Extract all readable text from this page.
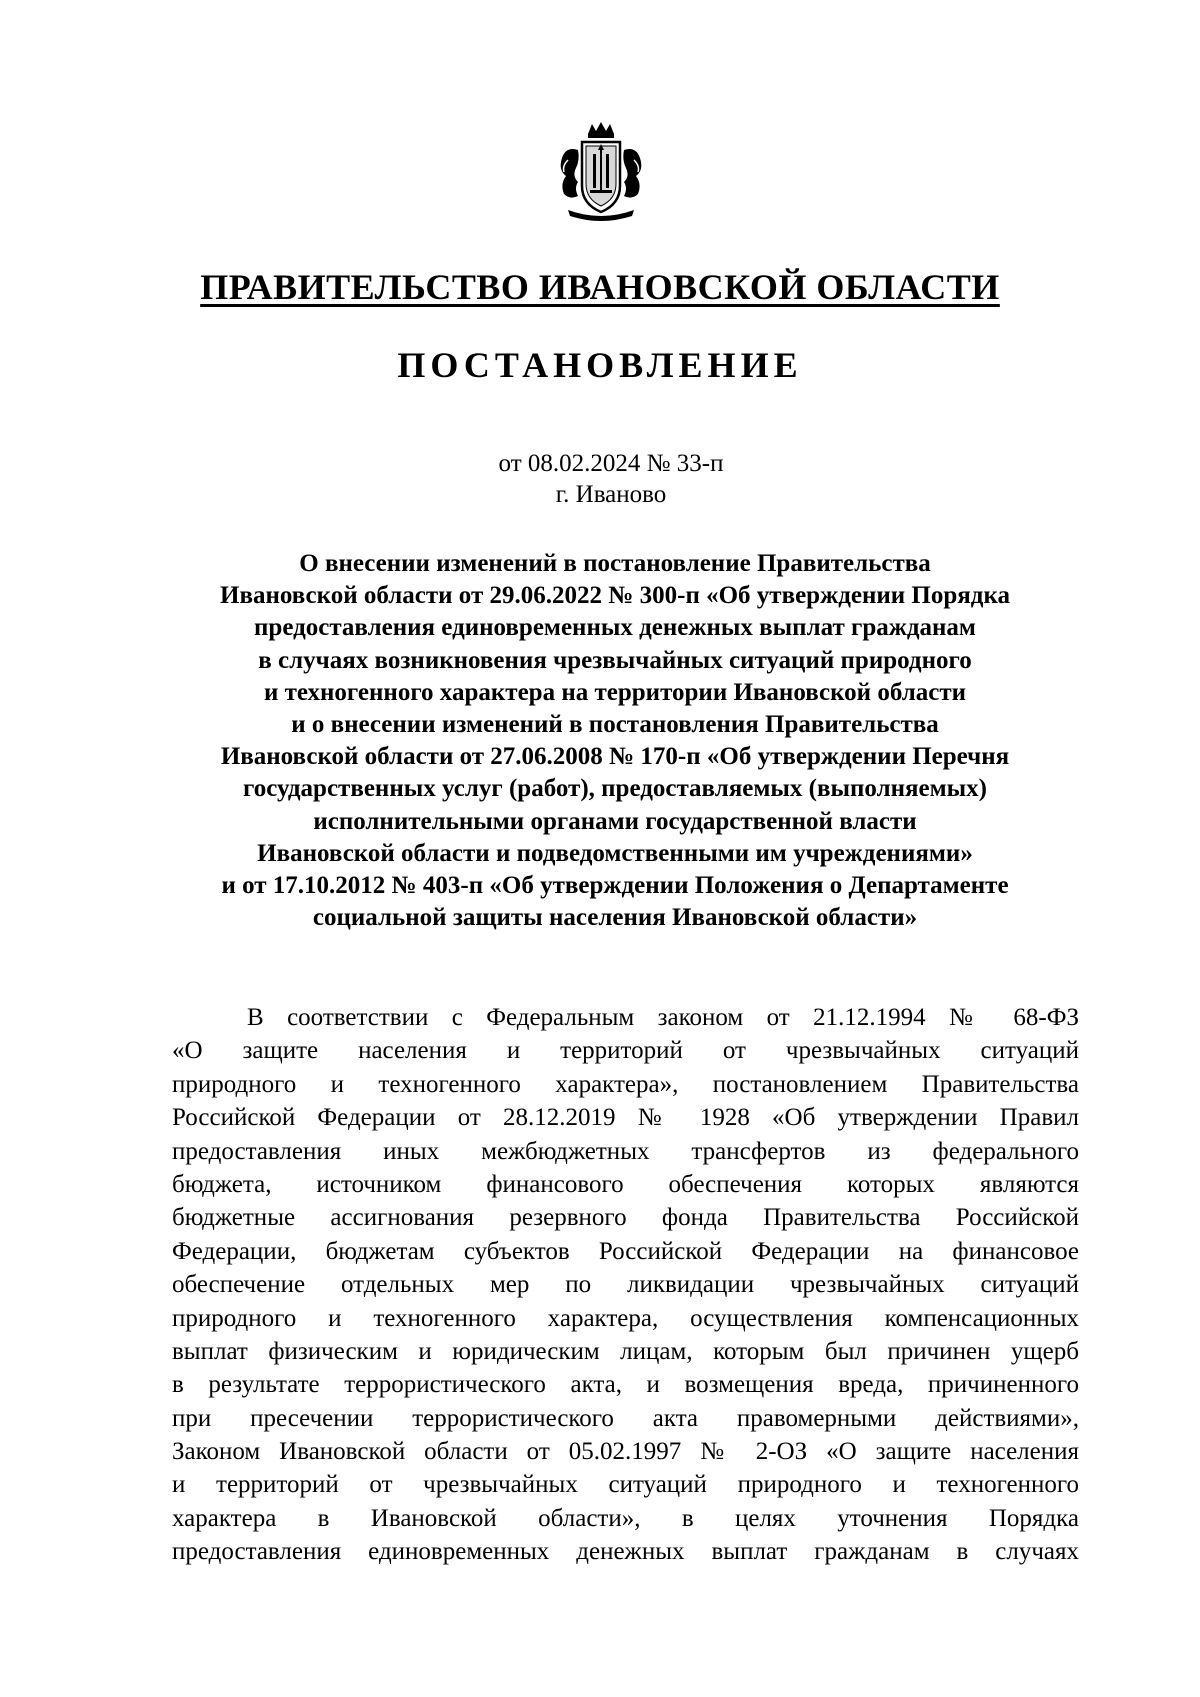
ПРАВИТЕЛЬСТВО ИВАНОВСКОЙ ОБЛАСТИ
ПОСТАНОВЛЕНИЕ
от 08.02.2024 № 33-п
г. Иваново
О внесении изменений в постановление Правительства
Ивановской области от 29.06.2022 № 300-п «Об утверждении Порядка
предоставления единовременных денежных выплат гражданам
в случаях возникновения чрезвычайных ситуаций природного
и техногенного характера на территории Ивановской области
и о внесении изменений в постановления Правительства
Ивановской области от 27.06.2008 № 170-п «Об утверждении Перечня
государственных услуг (работ), предоставляемых (выполняемых)
исполнительными органами государственной власти
Ивановской области и подведомственными им учреждениями»
и от 17.10.2012 № 403-п «Об утверждении Положения о Департаменте
социальной защиты населения Ивановской области»
В соответствии с Федеральным законом от 21.12.1994 № 68-ФЗ
«О защите населения и территорий от чрезвычайных ситуаций
природного и техногенного характера», постановлением Правительства
Российской Федерации от 28.12.2019 № 1928 «Об утверждении Правил
предоставления иных межбюджетных трансфертов из федерального
бюджета, источником финансового обеспечения которых являются
бюджетные ассигнования резервного фонда Правительства Российской
Федерации, бюджетам субъектов Российской Федерации на финансовое
обеспечение отдельных мер по ликвидации чрезвычайных ситуаций
природного и техногенного характера, осуществления компенсационных
выплат физическим и юридическим лицам, которым был причинен ущерб
в результате террористического акта, и возмещения вреда, причиненного
при пресечении террористического акта правомерными действиями»,
Законом Ивановской области от 05.02.1997 № 2-ОЗ «О защите населения
и территорий от чрезвычайных ситуаций природного и техногенного
характера в Ивановской области», в целях уточнения Порядка
предоставления единовременных денежных выплат гражданам в случаях
